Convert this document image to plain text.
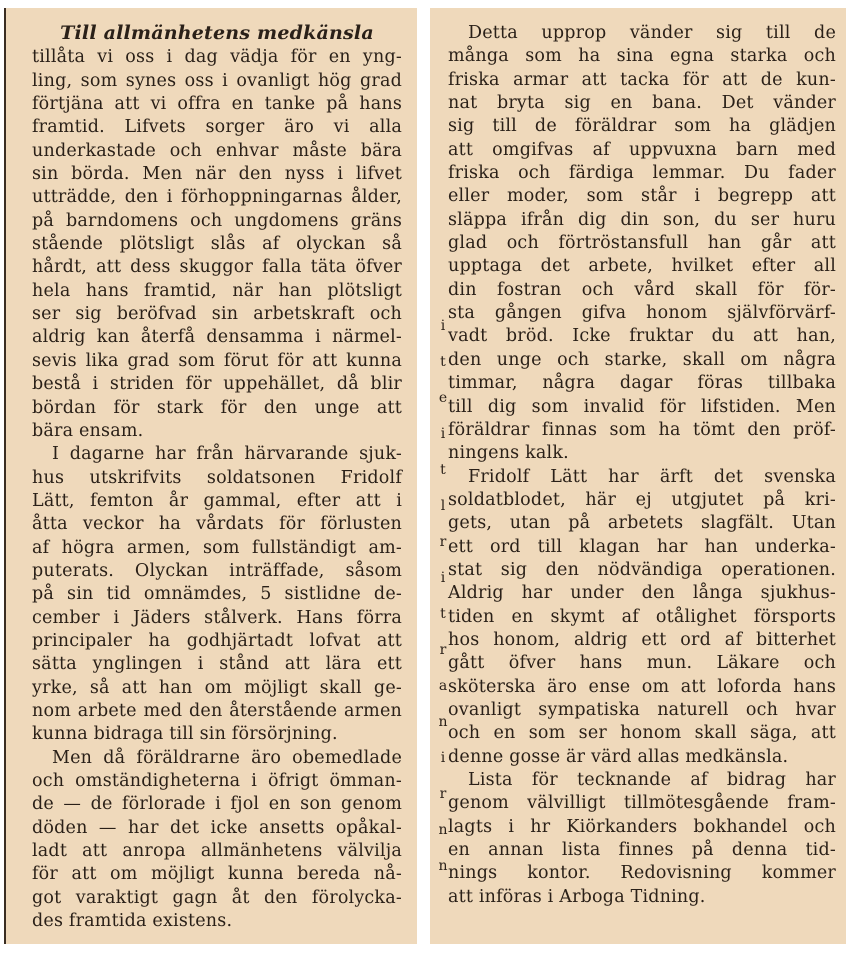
Till allmänhetens medkänsla
tillåta vi oss i dag vädja för en yng-
ling, som synes oss i ovanligt hög grad
förtjäna att vi offra en tanke på hans
framtid. Lifvets sorger äro vi alla
underkastade och enhvar måste bära
sin börda. Men när den nyss i lifvet
utträdde, den i förhoppningarnas ålder,
på barndomens och ungdomens gräns
stående plötsligt slås af olyckan så
hårdt, att dess skuggor falla täta öfver
hela hans framtid, när han plötsligt
ser sig beröfvad sin arbetskraft och
aldrig kan återfå densamma i närmel-
sevis lika grad som förut för att kunna
bestå i striden för uppehället, då blir
bördan för stark för den unge att
bära ensam.
I dagarne har från härvarande sjuk-
hus utskrifvits soldatsonen Fridolf
Lätt, femton år gammal, efter att i
åtta veckor ha vårdats för förlusten
af högra armen, som fullständigt am-
puterats. Olyckan inträffade, såsom
på sin tid omnämdes, 5 sistlidne de-
cember i Jäders stålverk. Hans förra
principaler ha godhjärtadt lofvat att
sätta ynglingen i stånd att lära ett
yrke, så att han om möjligt skall ge-
nom arbete med den återstående armen
kunna bidraga till sin försörjning.
Men då föräldrarne äro obemedlade
och omständigheterna i öfrigt ömman-
de — de förlorade i fjol en son genom
döden — har det icke ansetts opåkal-
ladt att anropa allmänhetens välvilja
för att om möjligt kunna bereda nå-
got varaktigt gagn åt den förolycka-
des framtida existens.
i
t
e
i
t
l
r
i
t
r
a
n
i
r
n
n
Detta upprop vänder sig till de
många som ha sina egna starka och
friska armar att tacka för att de kun-
nat bryta sig en bana. Det vänder
sig till de föräldrar som ha glädjen
att omgifvas af uppvuxna barn med
friska och färdiga lemmar. Du fader
eller moder, som står i begrepp att
släppa ifrån dig din son, du ser huru
glad och förtröstansfull han går att
upptaga det arbete, hvilket efter all
din fostran och vård skall för för-
sta gången gifva honom självförvärf-
vadt bröd. Icke fruktar du att han,
den unge och starke, skall om några
timmar, några dagar föras tillbaka
till dig som invalid för lifstiden. Men
föräldrar finnas som ha tömt den pröf-
ningens kalk.
Fridolf Lätt har ärft det svenska
soldatblodet, här ej utgjutet på kri-
gets, utan på arbetets slagfält. Utan
ett ord till klagan har han underka-
stat sig den nödvändiga operationen.
Aldrig har under den långa sjukhus-
tiden en skymt af otålighet försports
hos honom, aldrig ett ord af bitterhet
gått öfver hans mun. Läkare och
sköterska äro ense om att loforda hans
ovanligt sympatiska naturell och hvar
och en som ser honom skall säga, att
denne gosse är värd allas medkänsla.
Lista för tecknande af bidrag har
genom välvilligt tillmötesgående fram-
lagts i hr Kiörkanders bokhandel och
en annan lista finnes på denna tid-
nings kontor. Redovisning kommer
att införas i Arboga Tidning.
